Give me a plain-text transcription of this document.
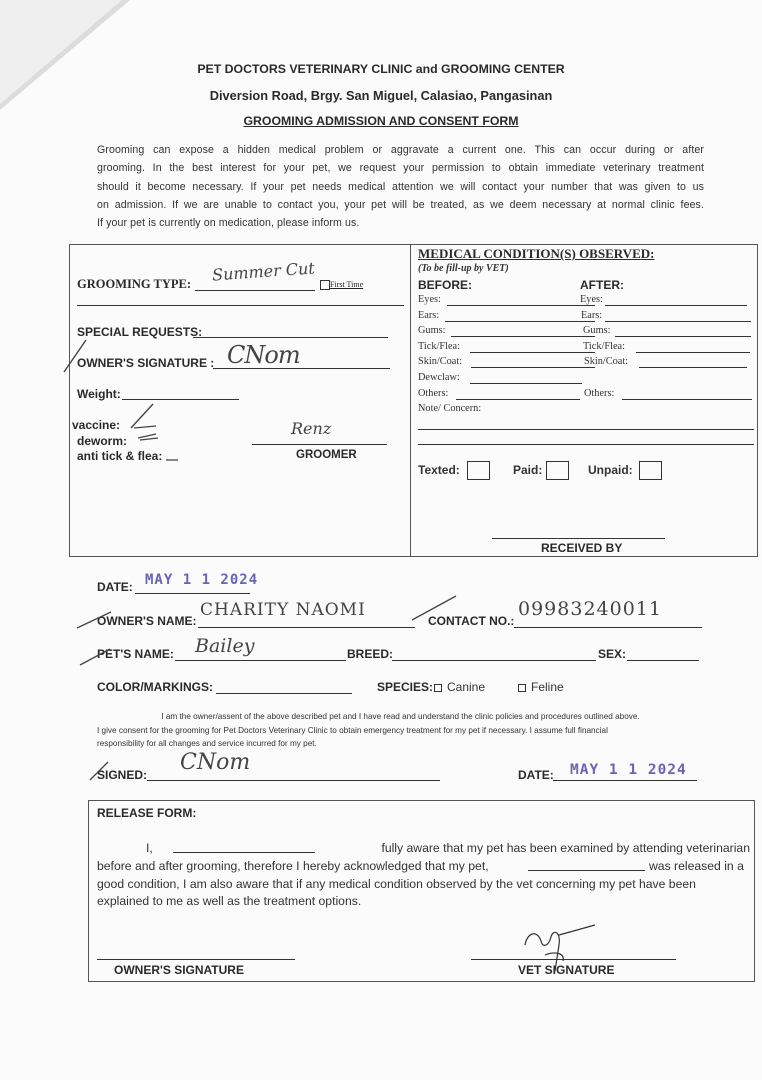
PET DOCTORS VETERINARY CLINIC and GROOMING CENTER
Diversion Road, Brgy. San Miguel, Calasiao, Pangasinan
GROOMING ADMISSION AND CONSENT FORM
Grooming can expose a hidden medical problem or aggravate a current one. This can occur during or after
grooming. In the best interest for your pet, we request your permission to obtain immediate veterinary treatment
should it become necessary. If your pet needs medical attention we will contact your number that was given to us
on admission. If we are unable to contact you, your pet will be treated, as we deem necessary at normal clinic fees.
If your pet is currently on medication, please inform us.
GROOMING TYPE: Summer Cut	First Time
SPECIAL REQUESTS:
OWNER'S SIGNATURE : CNom
Weight:
vaccine:
deworm:
anti tick & flea:
Renz
GROOMER
MEDICAL CONDITION(S) OBSERVED:
(To be fill-up by VET)
BEFORE:	AFTER:
Eyes:	Eyes:
Ears:	Ears:
Gums:	Gums:
Tick/Flea:	Tick/Flea:
Skin/Coat:	Skin/Coat:
Dewclaw:
Others:	Others:
Note/ Concern:
Texted:	Paid:	Unpaid:
RECEIVED BY
DATE: MAY 1 1 2024
OWNER'S NAME:
CHARITY NAOMI
CONTACT NO.:
09983240011
PET'S NAME: Bailey	BREED:	SEX:
COLOR/MARKINGS:	SPECIES:	Canine	Feline
I am the owner/assent of the above described pet and I have read and understand the clinic policies and procedures outlined above.
I give consent for the grooming for Pet Doctors Veterinary Clinic to obtain emergency treatment for my pet if necessary. I assume full financial
responsibility for all changes and service incurred for my pet.
SIGNED: CNom	DATE: MAY 1 1 2024
RELEASE FORM:
I,	fully aware that my pet has been examined by attending veterinarian
before and after grooming, therefore I hereby acknowledged that my pet,	was released in a
good condition, I am also aware that if any medical condition observed by the vet concerning my pet have been
explained to me as well as the treatment options.
OWNER'S SIGNATURE	VET SIGNATURE
